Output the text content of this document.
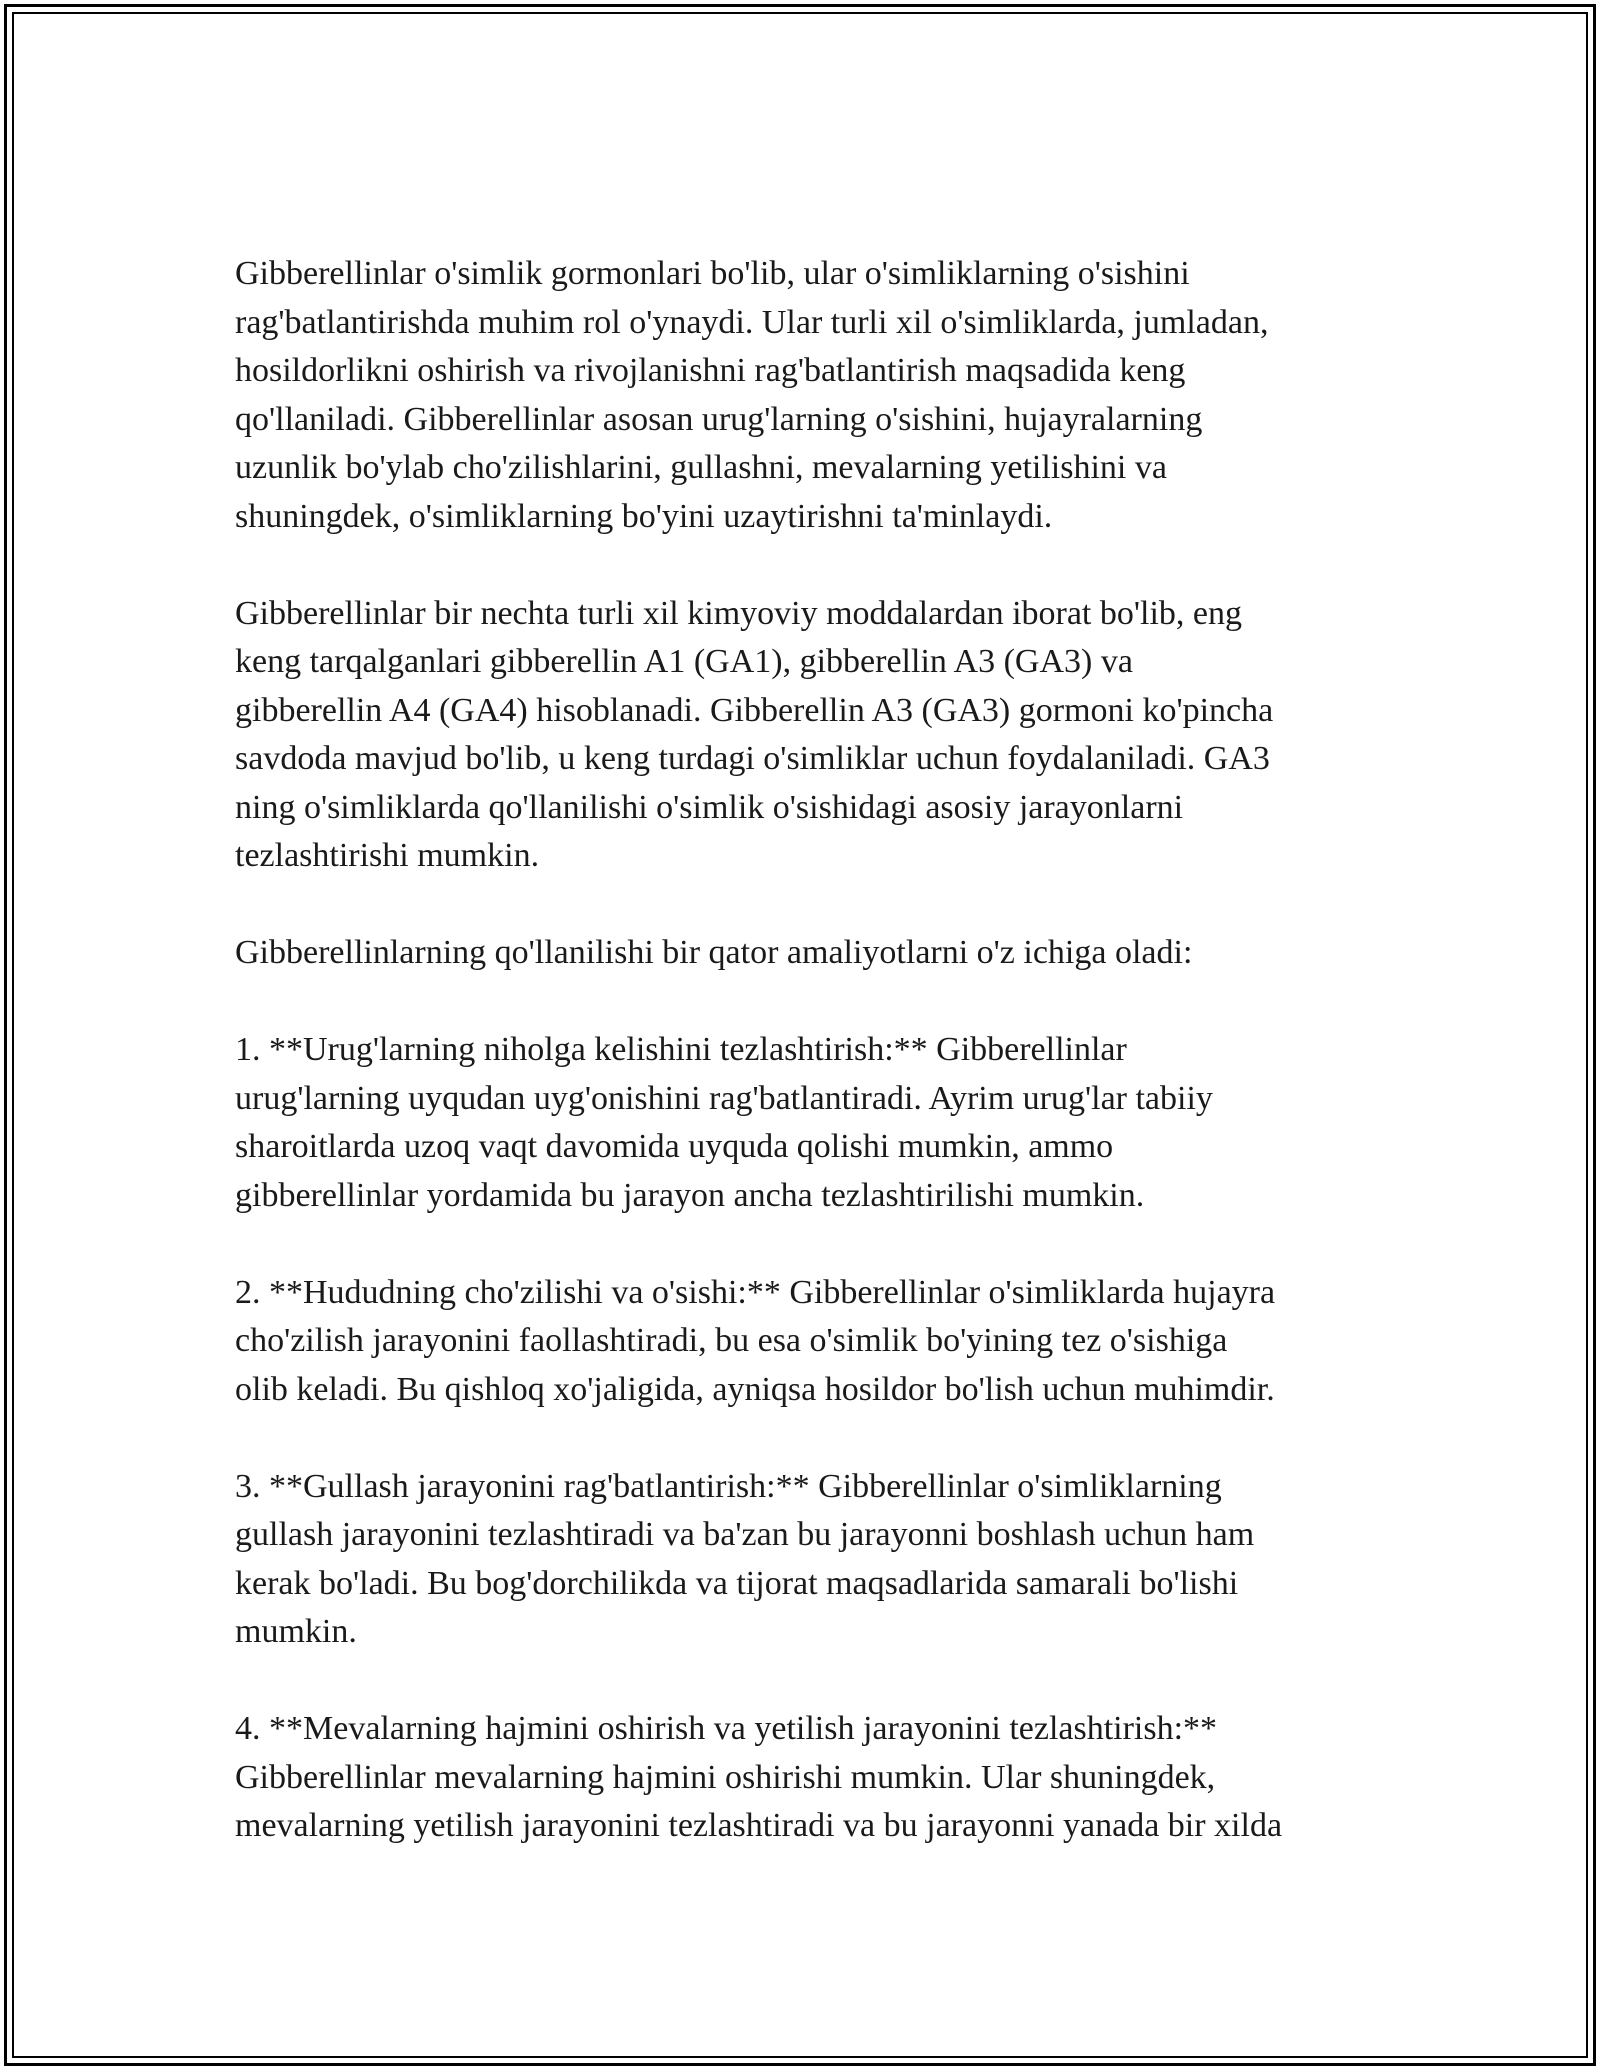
Gibberellinlar o'simlik gormonlari bo'lib, ular o'simliklarning o'sishini
rag'batlantirishda muhim rol o'ynaydi. Ular turli xil o'simliklarda, jumladan,
hosildorlikni oshirish va rivojlanishni rag'batlantirish maqsadida keng
qo'llaniladi. Gibberellinlar asosan urug'larning o'sishini, hujayralarning
uzunlik bo'ylab cho'zilishlarini, gullashni, mevalarning yetilishini va
shuningdek, o'simliklarning bo'yini uzaytirishni ta'minlaydi.

Gibberellinlar bir nechta turli xil kimyoviy moddalardan iborat bo'lib, eng
keng tarqalganlari gibberellin A1 (GA1), gibberellin A3 (GA3) va
gibberellin A4 (GA4) hisoblanadi. Gibberellin A3 (GA3) gormoni ko'pincha
savdoda mavjud bo'lib, u keng turdagi o'simliklar uchun foydalaniladi. GA3
ning o'simliklarda qo'llanilishi o'simlik o'sishidagi asosiy jarayonlarni
tezlashtirishi mumkin.

Gibberellinlarning qo'llanilishi bir qator amaliyotlarni o'z ichiga oladi:

1. **Urug'larning niholga kelishini tezlashtirish:** Gibberellinlar
urug'larning uyqudan uyg'onishini rag'batlantiradi. Ayrim urug'lar tabiiy
sharoitlarda uzoq vaqt davomida uyquda qolishi mumkin, ammo
gibberellinlar yordamida bu jarayon ancha tezlashtirilishi mumkin.

2. **Hududning cho'zilishi va o'sishi:** Gibberellinlar o'simliklarda hujayra
cho'zilish jarayonini faollashtiradi, bu esa o'simlik bo'yining tez o'sishiga
olib keladi. Bu qishloq xo'jaligida, ayniqsa hosildor bo'lish uchun muhimdir.

3. **Gullash jarayonini rag'batlantirish:** Gibberellinlar o'simliklarning
gullash jarayonini tezlashtiradi va ba'zan bu jarayonni boshlash uchun ham
kerak bo'ladi. Bu bog'dorchilikda va tijorat maqsadlarida samarali bo'lishi
mumkin.

4. **Mevalarning hajmini oshirish va yetilish jarayonini tezlashtirish:**
Gibberellinlar mevalarning hajmini oshirishi mumkin. Ular shuningdek,
mevalarning yetilish jarayonini tezlashtiradi va bu jarayonni yanada bir xilda
